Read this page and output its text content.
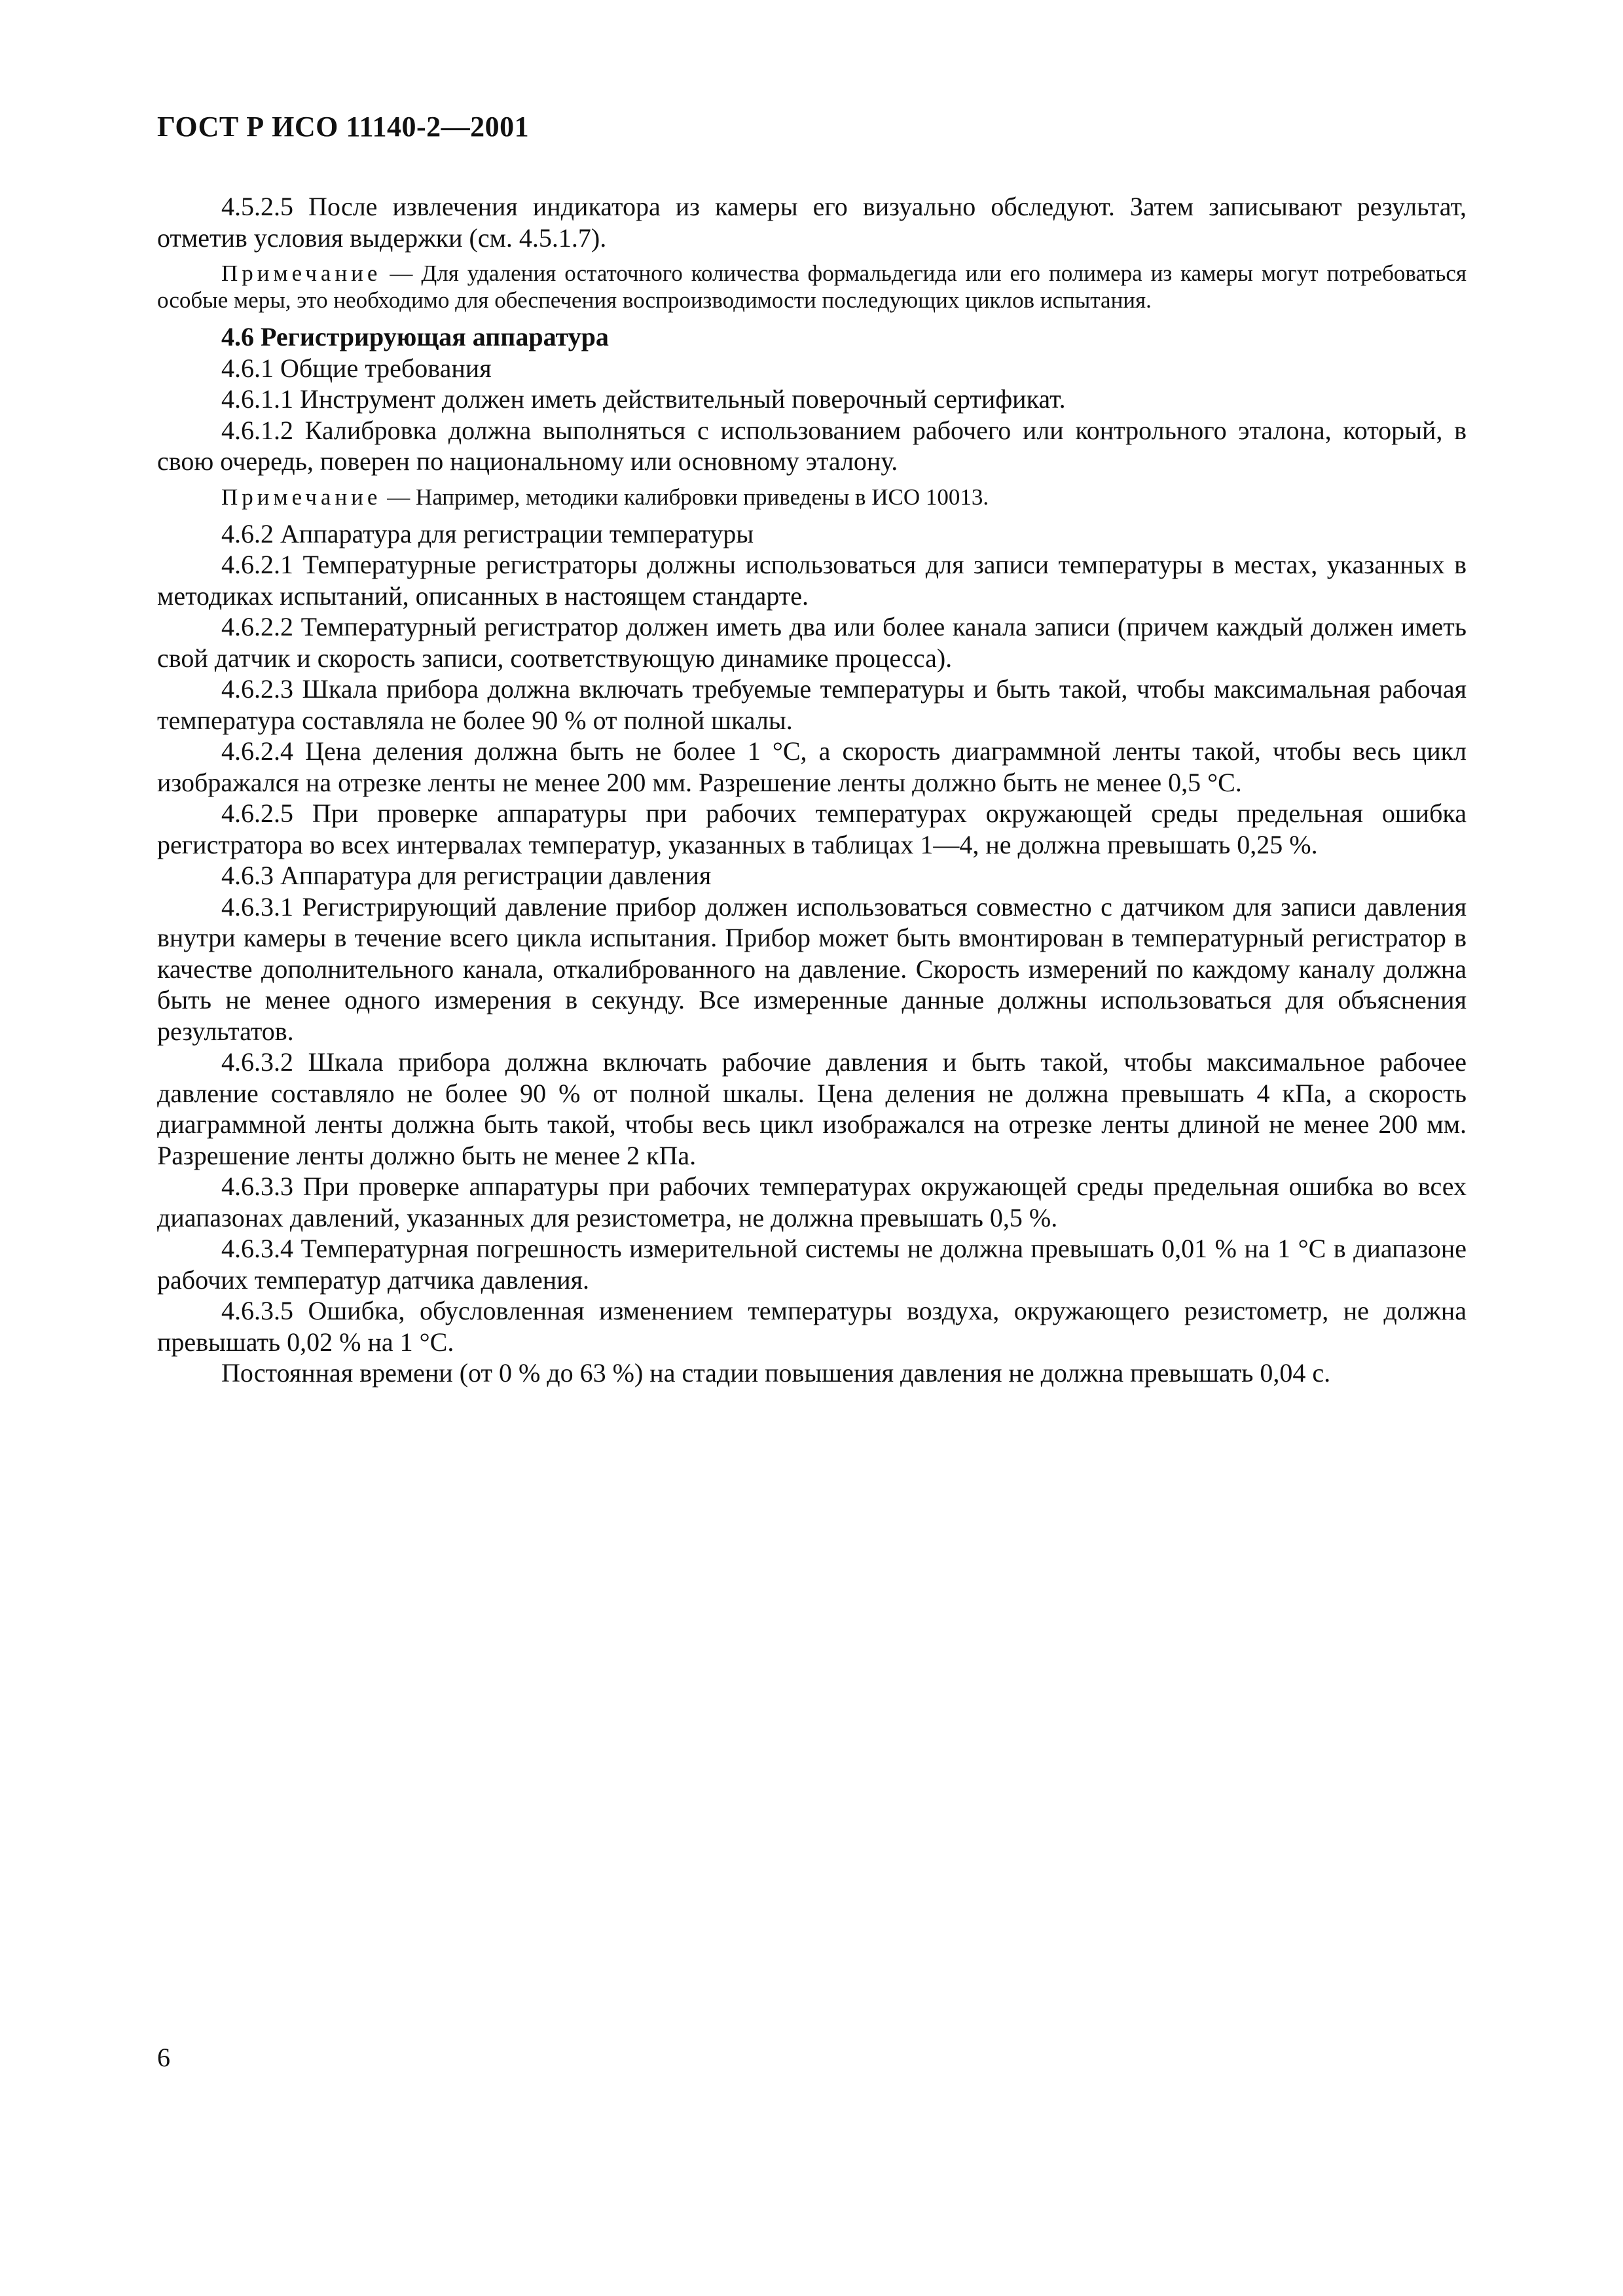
ГОСТ Р ИСО 11140-2—2001

4.5.2.5 После извлечения индикатора из камеры его визуально обследуют. Затем записывают результат, отметив условия выдержки (см. 4.5.1.7).

Примечание — Для удаления остаточного количества формальдегида или его полимера из камеры могут потребоваться особые меры, это необходимо для обеспечения воспроизводимости последующих циклов испытания.

4.6 Регистрирующая аппаратура

4.6.1 Общие требования

4.6.1.1 Инструмент должен иметь действительный поверочный сертификат.

4.6.1.2 Калибровка должна выполняться с использованием рабочего или контрольного эталона, который, в свою очередь, поверен по национальному или основному эталону.

Примечание — Например, методики калибровки приведены в ИСО 10013.

4.6.2 Аппаратура для регистрации температуры

4.6.2.1 Температурные регистраторы должны использоваться для записи температуры в местах, указанных в методиках испытаний, описанных в настоящем стандарте.

4.6.2.2 Температурный регистратор должен иметь два или более канала записи (причем каждый должен иметь свой датчик и скорость записи, соответствующую динамике процесса).

4.6.2.3 Шкала прибора должна включать требуемые температуры и быть такой, чтобы максимальная рабочая температура составляла не более 90 % от полной шкалы.

4.6.2.4 Цена деления должна быть не более 1 °С, а скорость диаграммной ленты такой, чтобы весь цикл изображался на отрезке ленты не менее 200 мм. Разрешение ленты должно быть не менее 0,5 °С.

4.6.2.5 При проверке аппаратуры при рабочих температурах окружающей среды предельная ошибка регистратора во всех интервалах температур, указанных в таблицах 1—4, не должна превышать 0,25 %.

4.6.3 Аппаратура для регистрации давления

4.6.3.1 Регистрирующий давление прибор должен использоваться совместно с датчиком для записи давления внутри камеры в течение всего цикла испытания. Прибор может быть вмонтирован в температурный регистратор в качестве дополнительного канала, откалиброванного на давление. Скорость измерений по каждому каналу должна быть не менее одного измерения в секунду. Все измеренные данные должны использоваться для объяснения результатов.

4.6.3.2 Шкала прибора должна включать рабочие давления и быть такой, чтобы максимальное рабочее давление составляло не более 90 % от полной шкалы. Цена деления не должна превышать 4 кПа, а скорость диаграммной ленты должна быть такой, чтобы весь цикл изображался на отрезке ленты длиной не менее 200 мм. Разрешение ленты должно быть не менее 2 кПа.

4.6.3.3 При проверке аппаратуры при рабочих температурах окружающей среды предельная ошибка во всех диапазонах давлений, указанных для резистометра, не должна превышать 0,5 %.

4.6.3.4 Температурная погрешность измерительной системы не должна превышать 0,01 % на 1 °С в диапазоне рабочих температур датчика давления.

4.6.3.5 Ошибка, обусловленная изменением температуры воздуха, окружающего резистометр, не должна превышать 0,02 % на 1 °С.

Постоянная времени (от 0 % до 63 %) на стадии повышения давления не должна превышать 0,04 с.

6
